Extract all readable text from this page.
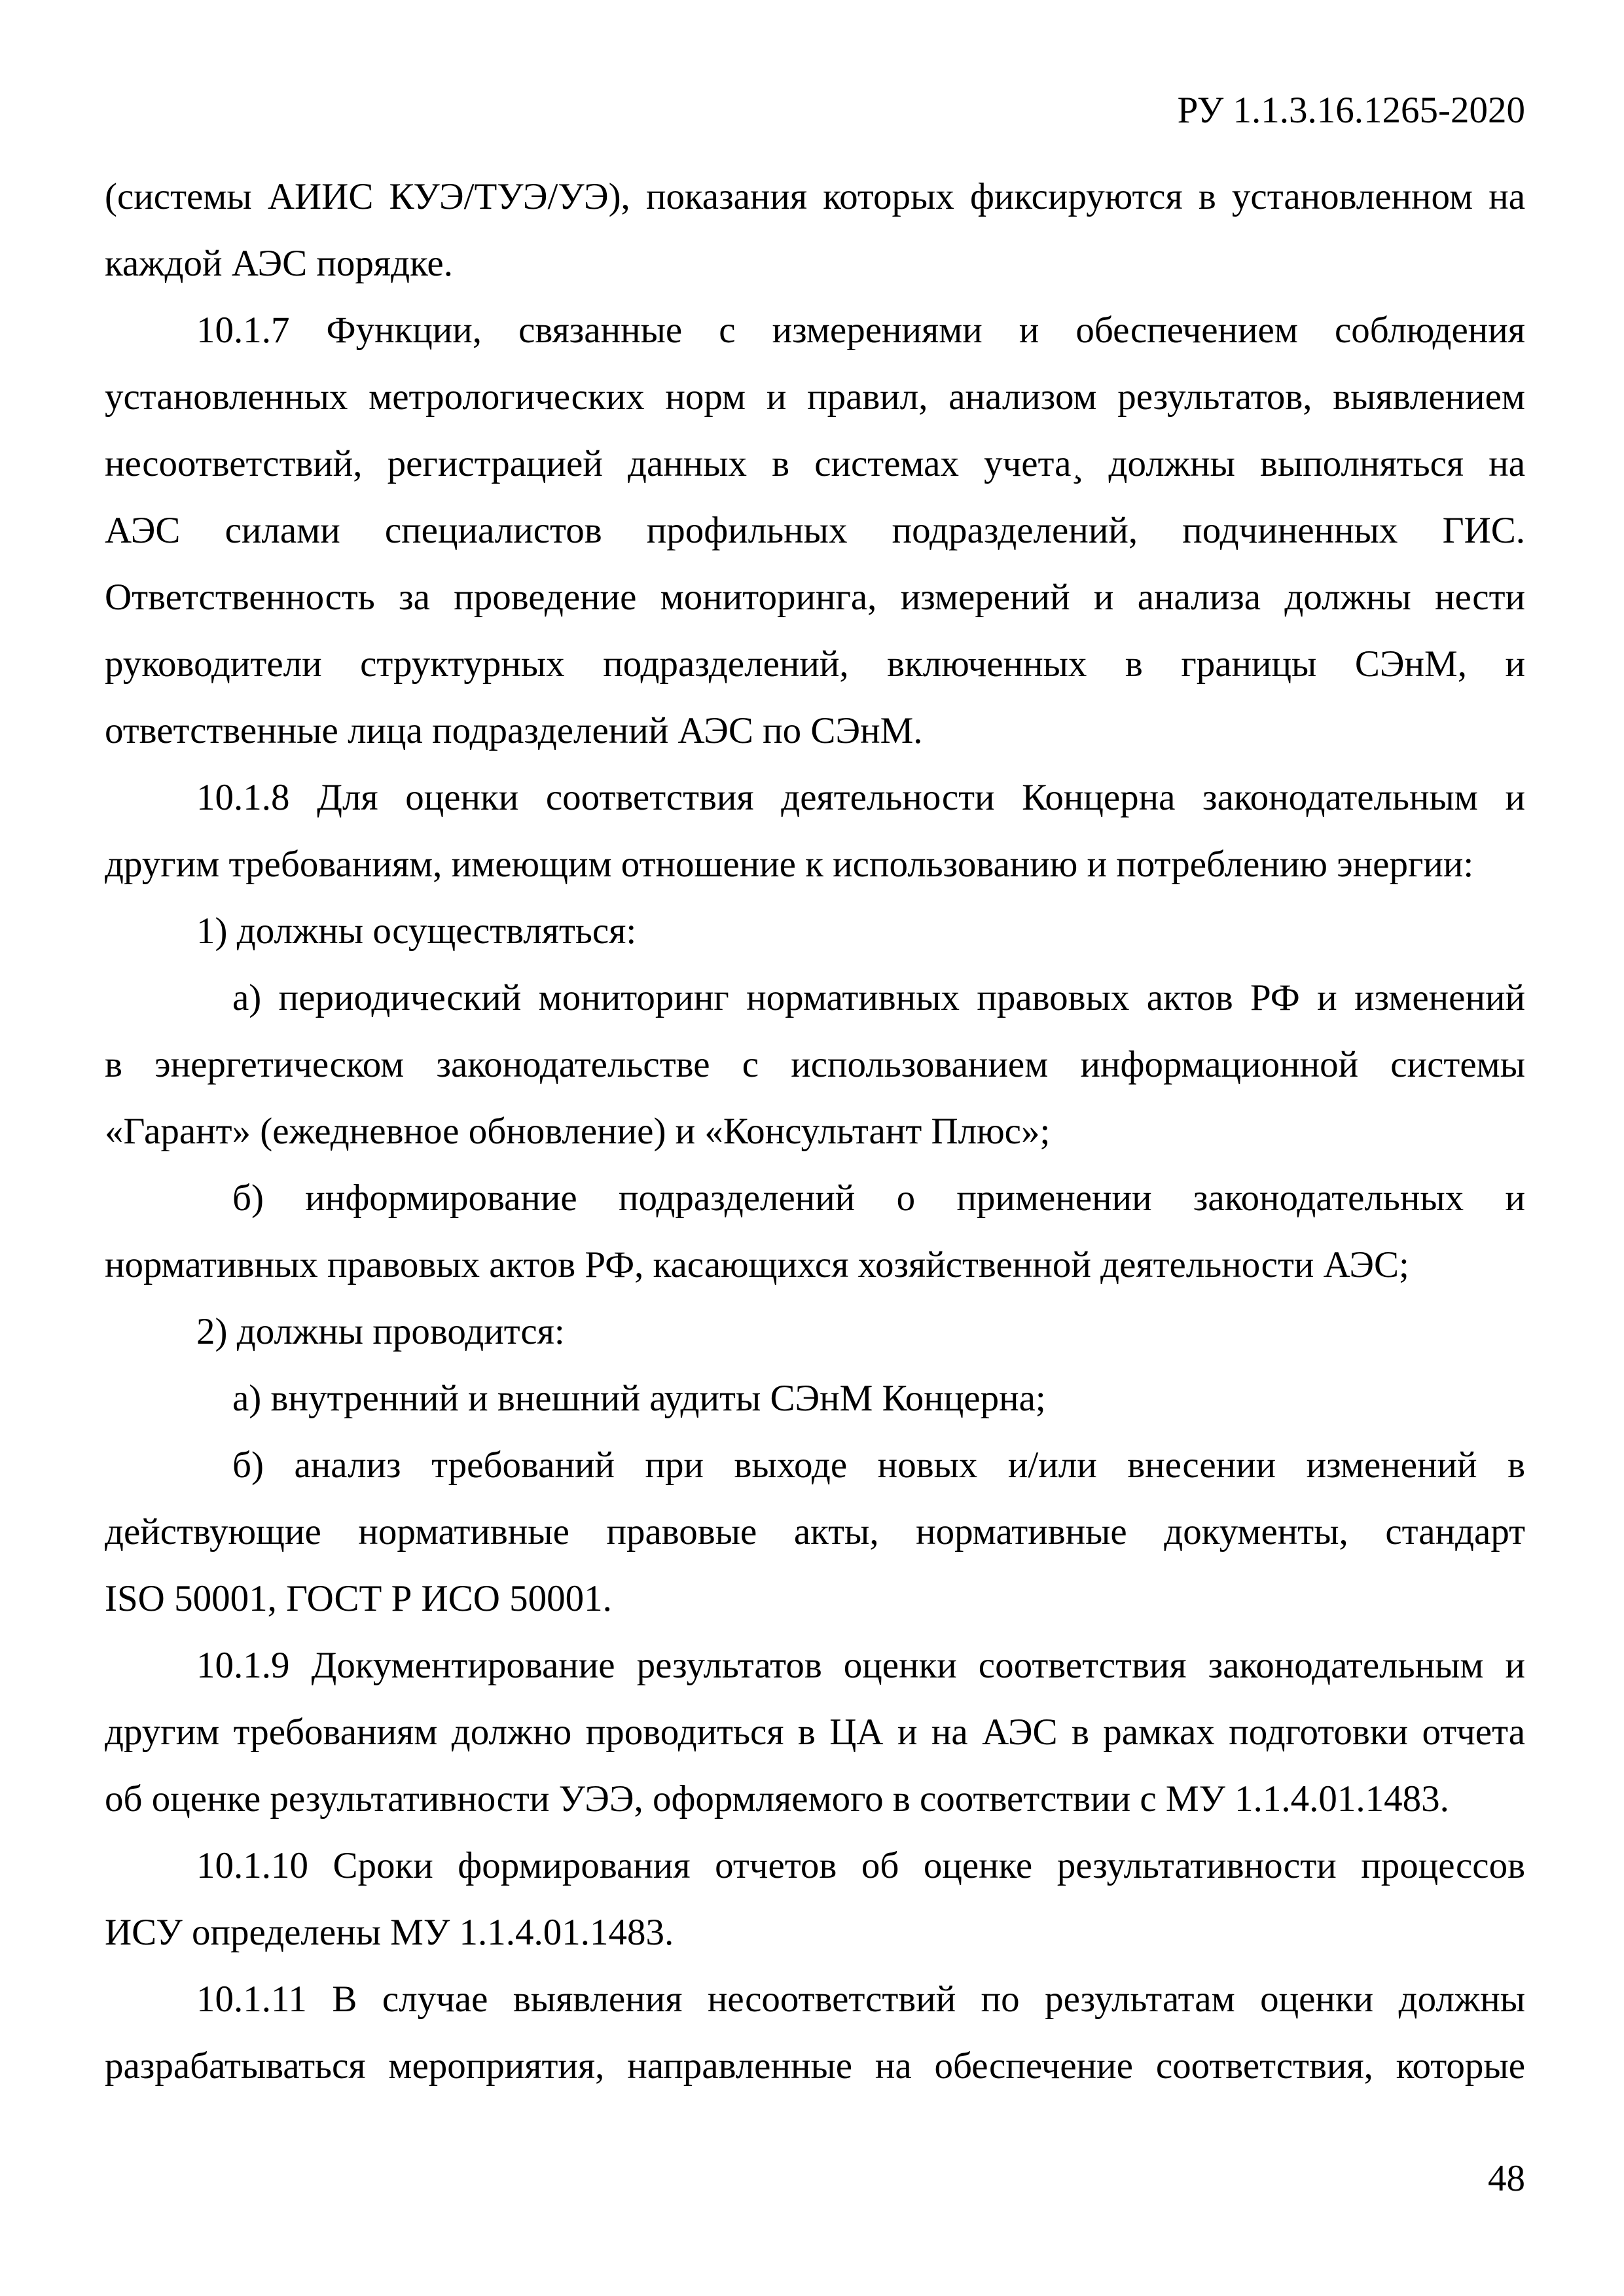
РУ 1.1.3.16.1265-2020
(системы АИИС КУЭ/ТУЭ/УЭ), показания которых фиксируются в установленном на
каждой АЭС порядке.
10.1.7 Функции, связанные с измерениями и обеспечением соблюдения
установленных метрологических норм и правил, анализом результатов, выявлением
несоответствий, регистрацией данных в системах учета¸ должны выполняться на
АЭС силами специалистов профильных подразделений, подчиненных ГИС.
Ответственность за проведение мониторинга, измерений и анализа должны нести
руководители структурных подразделений, включенных в границы СЭнМ, и
ответственные лица подразделений АЭС по СЭнМ.
10.1.8 Для оценки соответствия деятельности Концерна законодательным и
другим требованиям, имеющим отношение к использованию и потреблению энергии:
1) должны осуществляться:
а) периодический мониторинг нормативных правовых актов РФ и изменений
в энергетическом законодательстве с использованием информационной системы
«Гарант» (ежедневное обновление) и «Консультант Плюс»;
б) информирование подразделений о применении законодательных и
нормативных правовых актов РФ, касающихся хозяйственной деятельности АЭС;
2) должны проводится:
а) внутренний и внешний аудиты СЭнМ Концерна;
б) анализ требований при выходе новых и/или внесении изменений в
действующие нормативные правовые акты, нормативные документы, стандарт
ISO 50001, ГОСТ Р ИСО 50001.
10.1.9 Документирование результатов оценки соответствия законодательным и
другим требованиям должно проводиться в ЦА и на АЭС в рамках подготовки отчета
об оценке результативности УЭЭ, оформляемого в соответствии с МУ 1.1.4.01.1483.
10.1.10 Сроки формирования отчетов об оценке результативности процессов
ИСУ определены МУ 1.1.4.01.1483.
10.1.11 В случае выявления несоответствий по результатам оценки должны
разрабатываться мероприятия, направленные на обеспечение соответствия, которые
48
